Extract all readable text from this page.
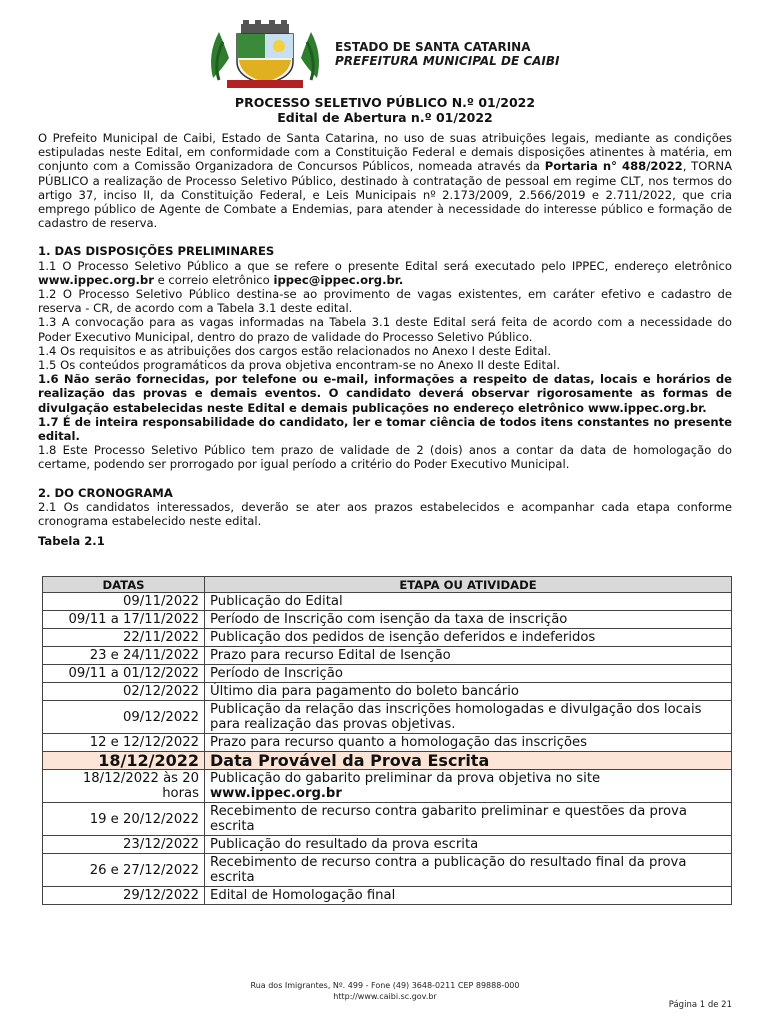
ESTADO DE SANTA CATARINA
PREFEITURA MUNICIPAL DE CAIBI
PROCESSO SELETIVO PÚBLICO N.º 01/2022
Edital de Abertura n.º 01/2022

O Prefeito Municipal de Caibi, Estado de Santa Catarina, no uso de suas atribuições legais, mediante as condições estipuladas neste Edital, em conformidade com a Constituição Federal e demais disposições atinentes à matéria, em conjunto com a Comissão Organizadora de Concursos Públicos, nomeada através da Portaria n° 488/2022, TORNA PÚBLICO a realização de Processo Seletivo Público, destinado à contratação de pessoal em regime CLT, nos termos do artigo 37, inciso II, da Constituição Federal, e Leis Municipais nº 2.173/2009, 2.566/2019 e 2.711/2022, que cria emprego público de Agente de Combate a Endemias, para atender à necessidade do interesse público e formação de cadastro de reserva.

1. DAS DISPOSIÇÕES PRELIMINARES

1.1 O Processo Seletivo Público a que se refere o presente Edital será executado pelo IPPEC, endereço eletrônico www.ippec.org.br e correio eletrônico ippec@ippec.org.br.

1.2 O Processo Seletivo Público destina-se ao provimento de vagas existentes, em caráter efetivo e cadastro de reserva - CR, de acordo com a Tabela 3.1 deste edital.

1.3 A convocação para as vagas informadas na Tabela 3.1 deste Edital será feita de acordo com a necessidade do Poder Executivo Municipal, dentro do prazo de validade do Processo Seletivo Público.

1.4 Os requisitos e as atribuições dos cargos estão relacionados no Anexo I deste Edital.

1.5 Os conteúdos programáticos da prova objetiva encontram-se no Anexo II deste Edital.

1.6 Não serão fornecidas, por telefone ou e-mail, informações a respeito de datas, locais e horários de realização das provas e demais eventos. O candidato deverá observar rigorosamente as formas de divulgação estabelecidas neste Edital e demais publicações no endereço eletrônico www.ippec.org.br.

1.7 É de inteira responsabilidade do candidato, ler e tomar ciência de todos itens constantes no presente edital.

1.8 Este Processo Seletivo Público tem prazo de validade de 2 (dois) anos a contar da data de homologação do certame, podendo ser prorrogado por igual período a critério do Poder Executivo Municipal.

2. DO CRONOGRAMA

2.1 Os candidatos interessados, deverão se ater aos prazos estabelecidos e acompanhar cada etapa conforme cronograma estabelecido neste edital.

Tabela 2.1

DATAS	ETAPA OU ATIVIDADE
09/11/2022	Publicação do Edital
09/11 a 17/11/2022	Período de Inscrição com isenção da taxa de inscrição
22/11/2022	Publicação dos pedidos de isenção deferidos e indeferidos
23 e 24/11/2022	Prazo para recurso Edital de Isenção
09/11 a 01/12/2022	Período de Inscrição
02/12/2022	Último dia para pagamento do boleto bancário
09/12/2022	Publicação da relação das inscrições homologadas e divulgação dos locais para realização das provas objetivas.
12 e 12/12/2022	Prazo para recurso quanto a homologação das inscrições
18/12/2022	Data Provável da Prova Escrita
18/12/2022 às 20 horas	Publicação do gabarito preliminar da prova objetiva no site
www.ippec.org.br
19 e 20/12/2022	Recebimento de recurso contra gabarito preliminar e questões da prova escrita
23/12/2022	Publicação do resultado da prova escrita
26 e 27/12/2022	Recebimento de recurso contra a publicação do resultado final da prova escrita
29/12/2022	Edital de Homologação final
Rua dos Imigrantes, Nº. 499 - Fone (49) 3648-0211 CEP 89888-000
http://www.caibi.sc.gov.br
Página 1 de 21
